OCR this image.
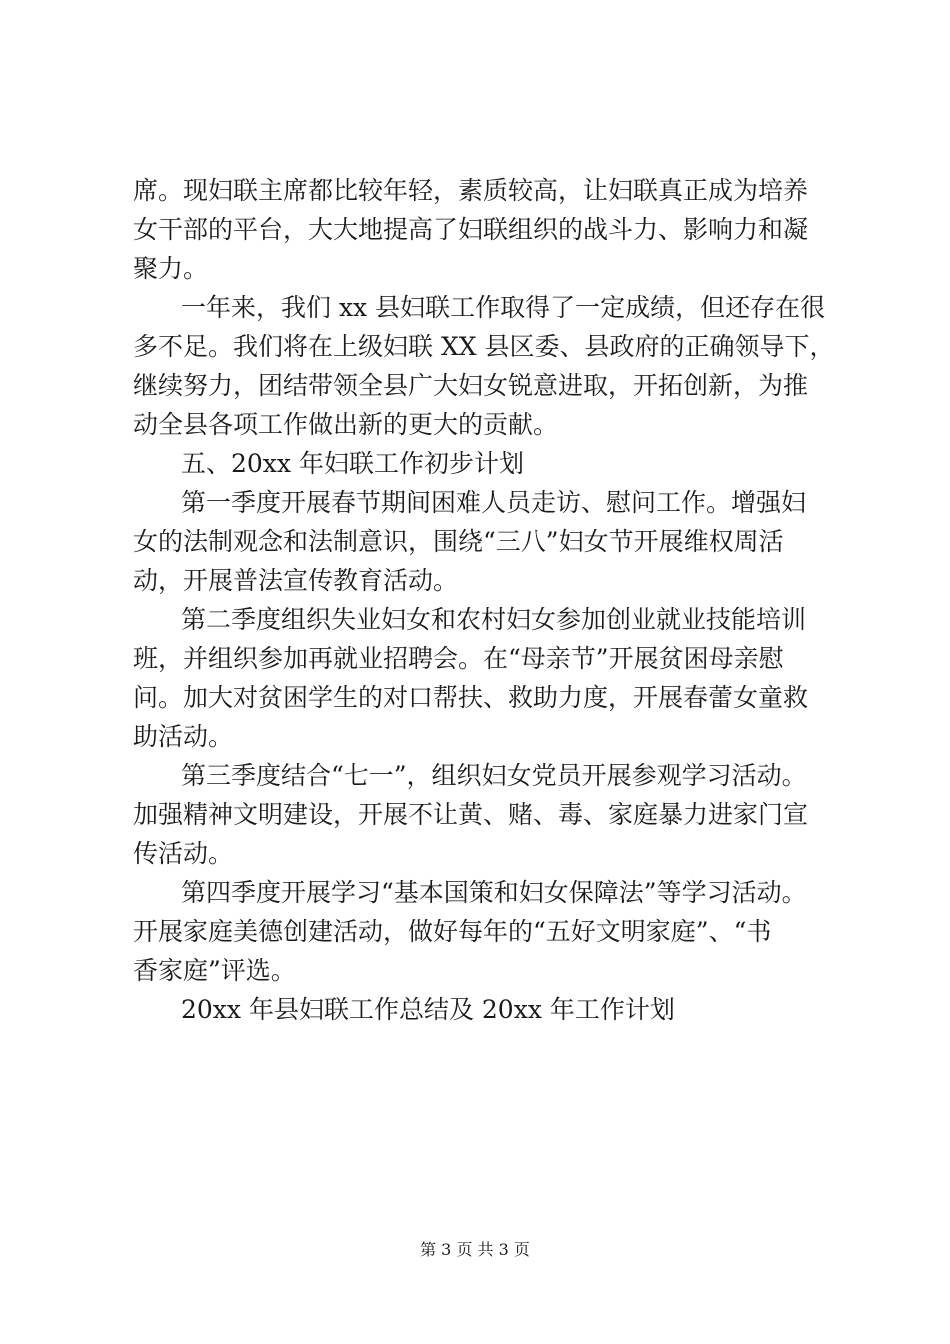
席。现妇联主席都比较年轻，素质较高，让妇联真正成为培养
女干部的平台，大大地提高了妇联组织的战斗力、影响力和凝
聚力。
一年来，我们 xx 县妇联工作取得了一定成绩，但还存在很
多不足。我们将在上级妇联 XX 县区委、县政府的正确领导下，
继续努力，团结带领全县广大妇女锐意进取，开拓创新，为推
动全县各项工作做出新的更大的贡献。
五、20xx 年妇联工作初步计划
第一季度开展春节期间困难人员走访、慰问工作。增强妇
女的法制观念和法制意识，围绕“三八”妇女节开展维权周活
动，开展普法宣传教育活动。
第二季度组织失业妇女和农村妇女参加创业就业技能培训
班，并组织参加再就业招聘会。在“母亲节”开展贫困母亲慰
问。加大对贫困学生的对口帮扶、救助力度，开展春蕾女童救
助活动。
第三季度结合“七一”，组织妇女党员开展参观学习活动。
加强精神文明建设，开展不让黄、赌、毒、家庭暴力进家门宣
传活动。
第四季度开展学习“基本国策和妇女保障法”等学习活动。
开展家庭美德创建活动，做好每年的“五好文明家庭”、“书
香家庭”评选。
20xx 年县妇联工作总结及 20xx 年工作计划
第 3 页 共 3 页
